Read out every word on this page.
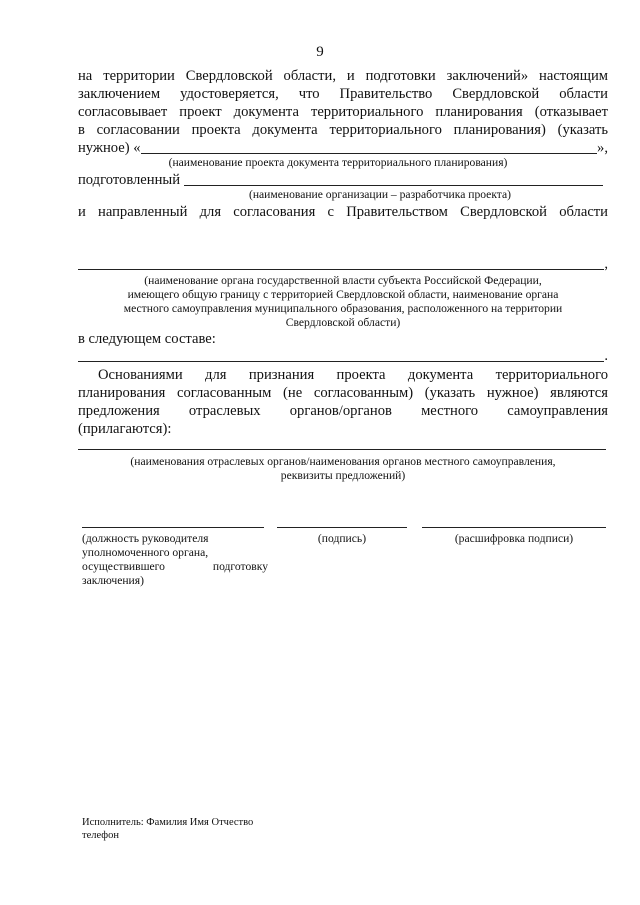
9
на территории Свердловской области, и подготовки заключений» настоящим
заключением удостоверяется, что Правительство Свердловской области
согласовывает проект документа территориального планирования (отказывает
в согласовании проекта документа территориального планирования) (указать
нужное) «	»,
(наименование проекта документа территориального планирования)
подготовленный
(наименование организации – разработчика проекта)
и направленный для согласования с Правительством Свердловской области
,
(наименование органа государственной власти субъекта Российской Федерации,
имеющего общую границу с территорией Свердловской области, наименование органа
местного самоуправления муниципального образования, расположенного на территории
Свердловской области)
в следующем составе:
.
Основаниями для признания проекта документа территориального
планирования согласованным (не согласованным) (указать нужное) являются
предложения отраслевых органов/органов местного самоуправления
(прилагаются):
(наименования отраслевых органов/наименования органов местного самоуправления,
реквизиты предложений)
(должность руководителя
уполномоченного органа,
осуществившего	подготовку
заключения)
(подпись)	(расшифровка подписи)
Исполнитель: Фамилия Имя Отчество
телефон
